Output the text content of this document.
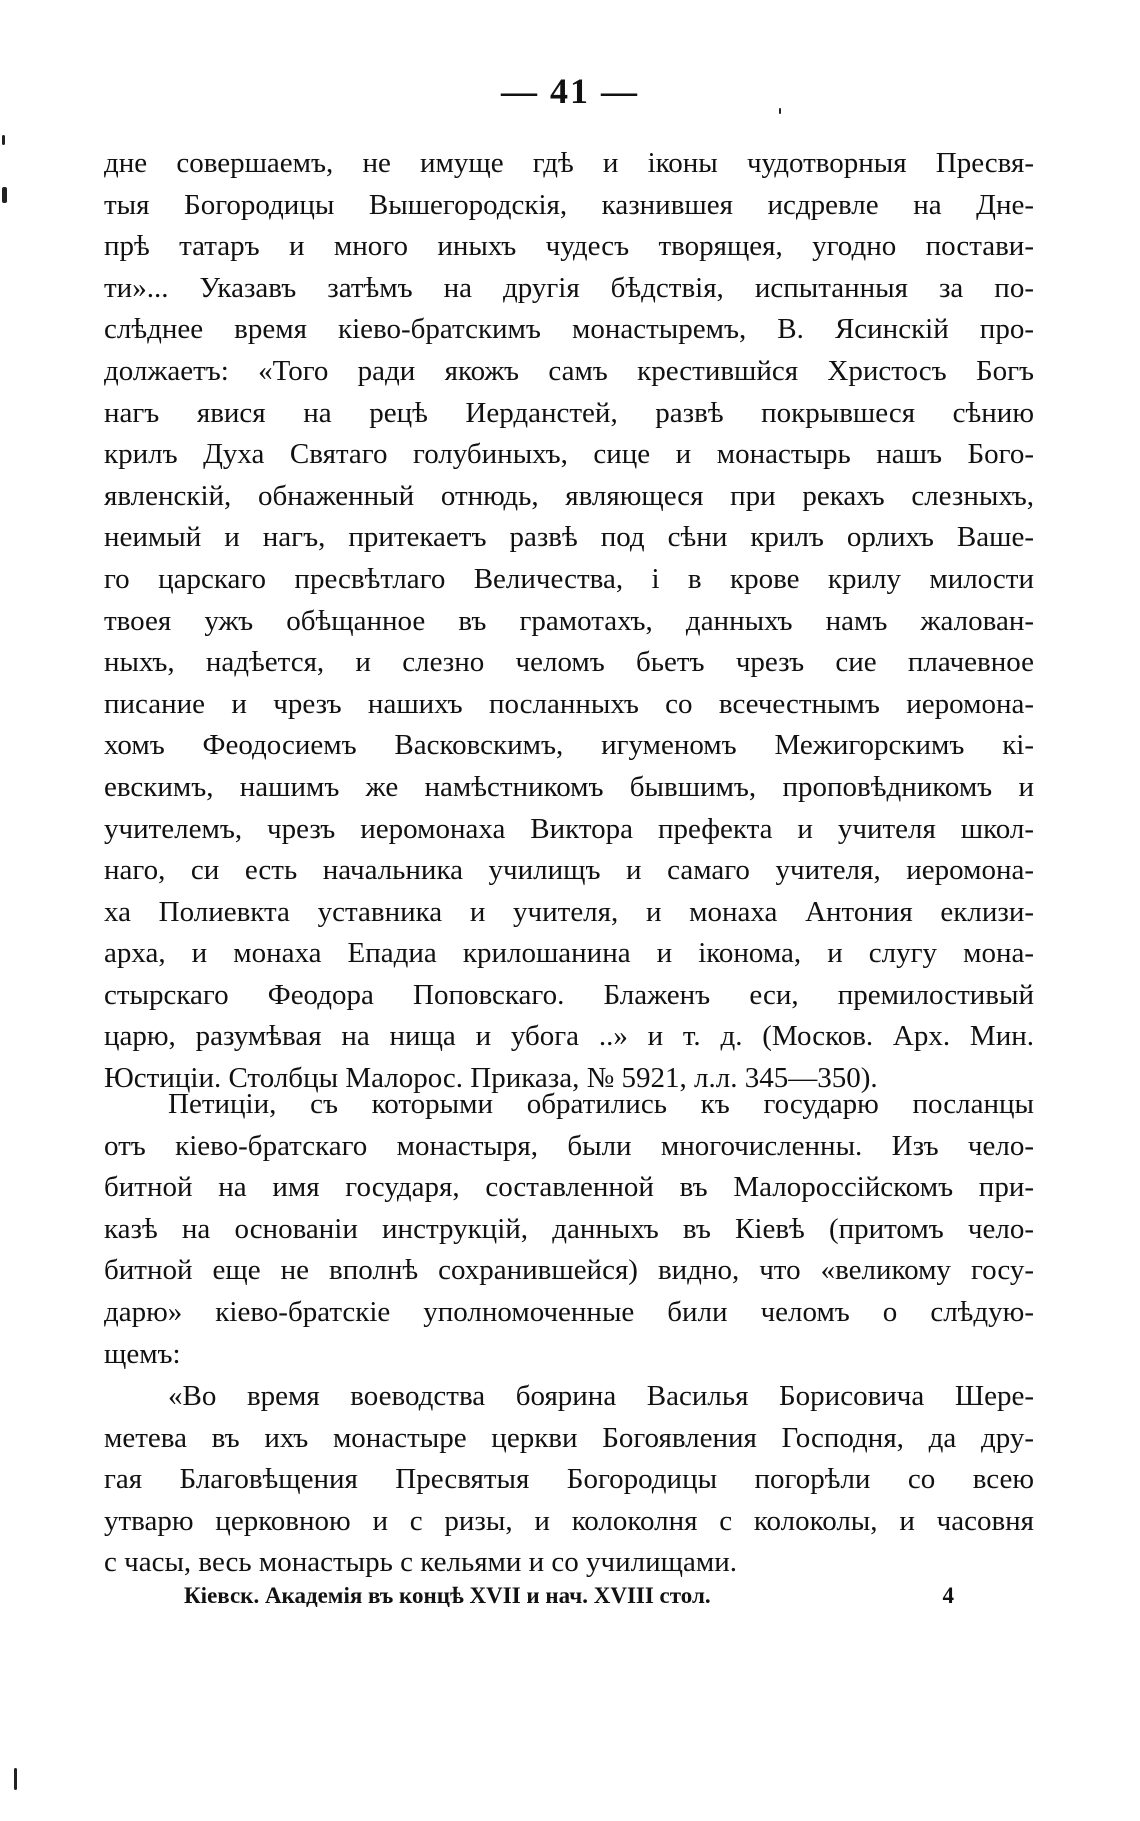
— 41 —
дне совершаемъ, не имуще гдѣ и iконы чудотворныя Пресвя-
тыя Богородицы Вышегородскiя, казнившея исдревле на Дне-
прѣ татаръ и много иныхъ чудесъ творящея, угодно постави-
ти»... Указавъ затѣмъ на другiя бѣдствiя, испытанныя за по-
слѣднее время кiево-братскимъ монастыремъ, В. Ясинскiй про-
должаетъ: «Того ради якожъ самъ крестившйся Христосъ Богъ
нагъ явися на рецѣ Иерданстей, развѣ покрывшеся сѣнию
крилъ Духа Святаго голубиныхъ, сице и монастырь нашъ Бого-
явленскiй, обнаженный отнюдь, являющеся при рекахъ слезныхъ,
неимый и нагъ, притекаетъ развѣ под сѣни крилъ орлихъ Ваше-
го царскаго пресвѣтлаго Величества, i в крове крилу милости
твоея ужъ обѣщанное въ грамотахъ, данныхъ намъ жалован-
ныхъ, надѣется, и слезно челомъ бьетъ чрезъ сие плачевное
писание и чрезъ нашихъ посланныхъ со всечестнымъ иеромона-
хомъ Феодосиемъ Васковскимъ, игуменомъ Межигорскимъ кi-
евскимъ, нашимъ же намѣстникомъ бывшимъ, проповѣдникомъ и
учителемъ, чрезъ иеромонаха Виктора префекта и учителя школ-
наго, си есть начальника училищъ и самаго учителя, иеромона-
ха Полиевкта уставника и учителя, и монаха Антония еклизи-
арха, и монаха Епадиа крилошанина и iконома, и слугу мона-
стырскаго Феодора Поповскаго. Блаженъ еси, премилостивый
царю, разумѣвая на нища и убога ..» и т. д. (Москов. Арх. Мин.
Юстицiи. Столбцы Малорос. Приказа, № 5921, л.л. 345—350).
Петицiи, съ которыми обратились къ государю посланцы
отъ кiево-братскаго монастыря, были многочисленны. Изъ чело-
битной на имя государя, составленной въ Малороссiйскомъ при-
казѣ на основанiи инструкцiй, данныхъ въ Кiевѣ (притомъ чело-
битной еще не вполнѣ сохранившейся) видно, что «великому госу-
дарю» кiево-братскiе уполномоченные били челомъ о слѣдую-
щемъ:
«Во время воеводства боярина Василья Борисовича Шере-
метева въ ихъ монастыре церкви Богоявления Господня, да дру-
гая Благовѣщения Пресвятыя Богородицы погорѣли со всею
утварю церковною и с ризы, и колоколня с колоколы, и часовня
с часы, весь монастырь с кельями и со училищами.
Кiевск. Академiя въ концѣ XVII и нач. XVIII стол.	4
